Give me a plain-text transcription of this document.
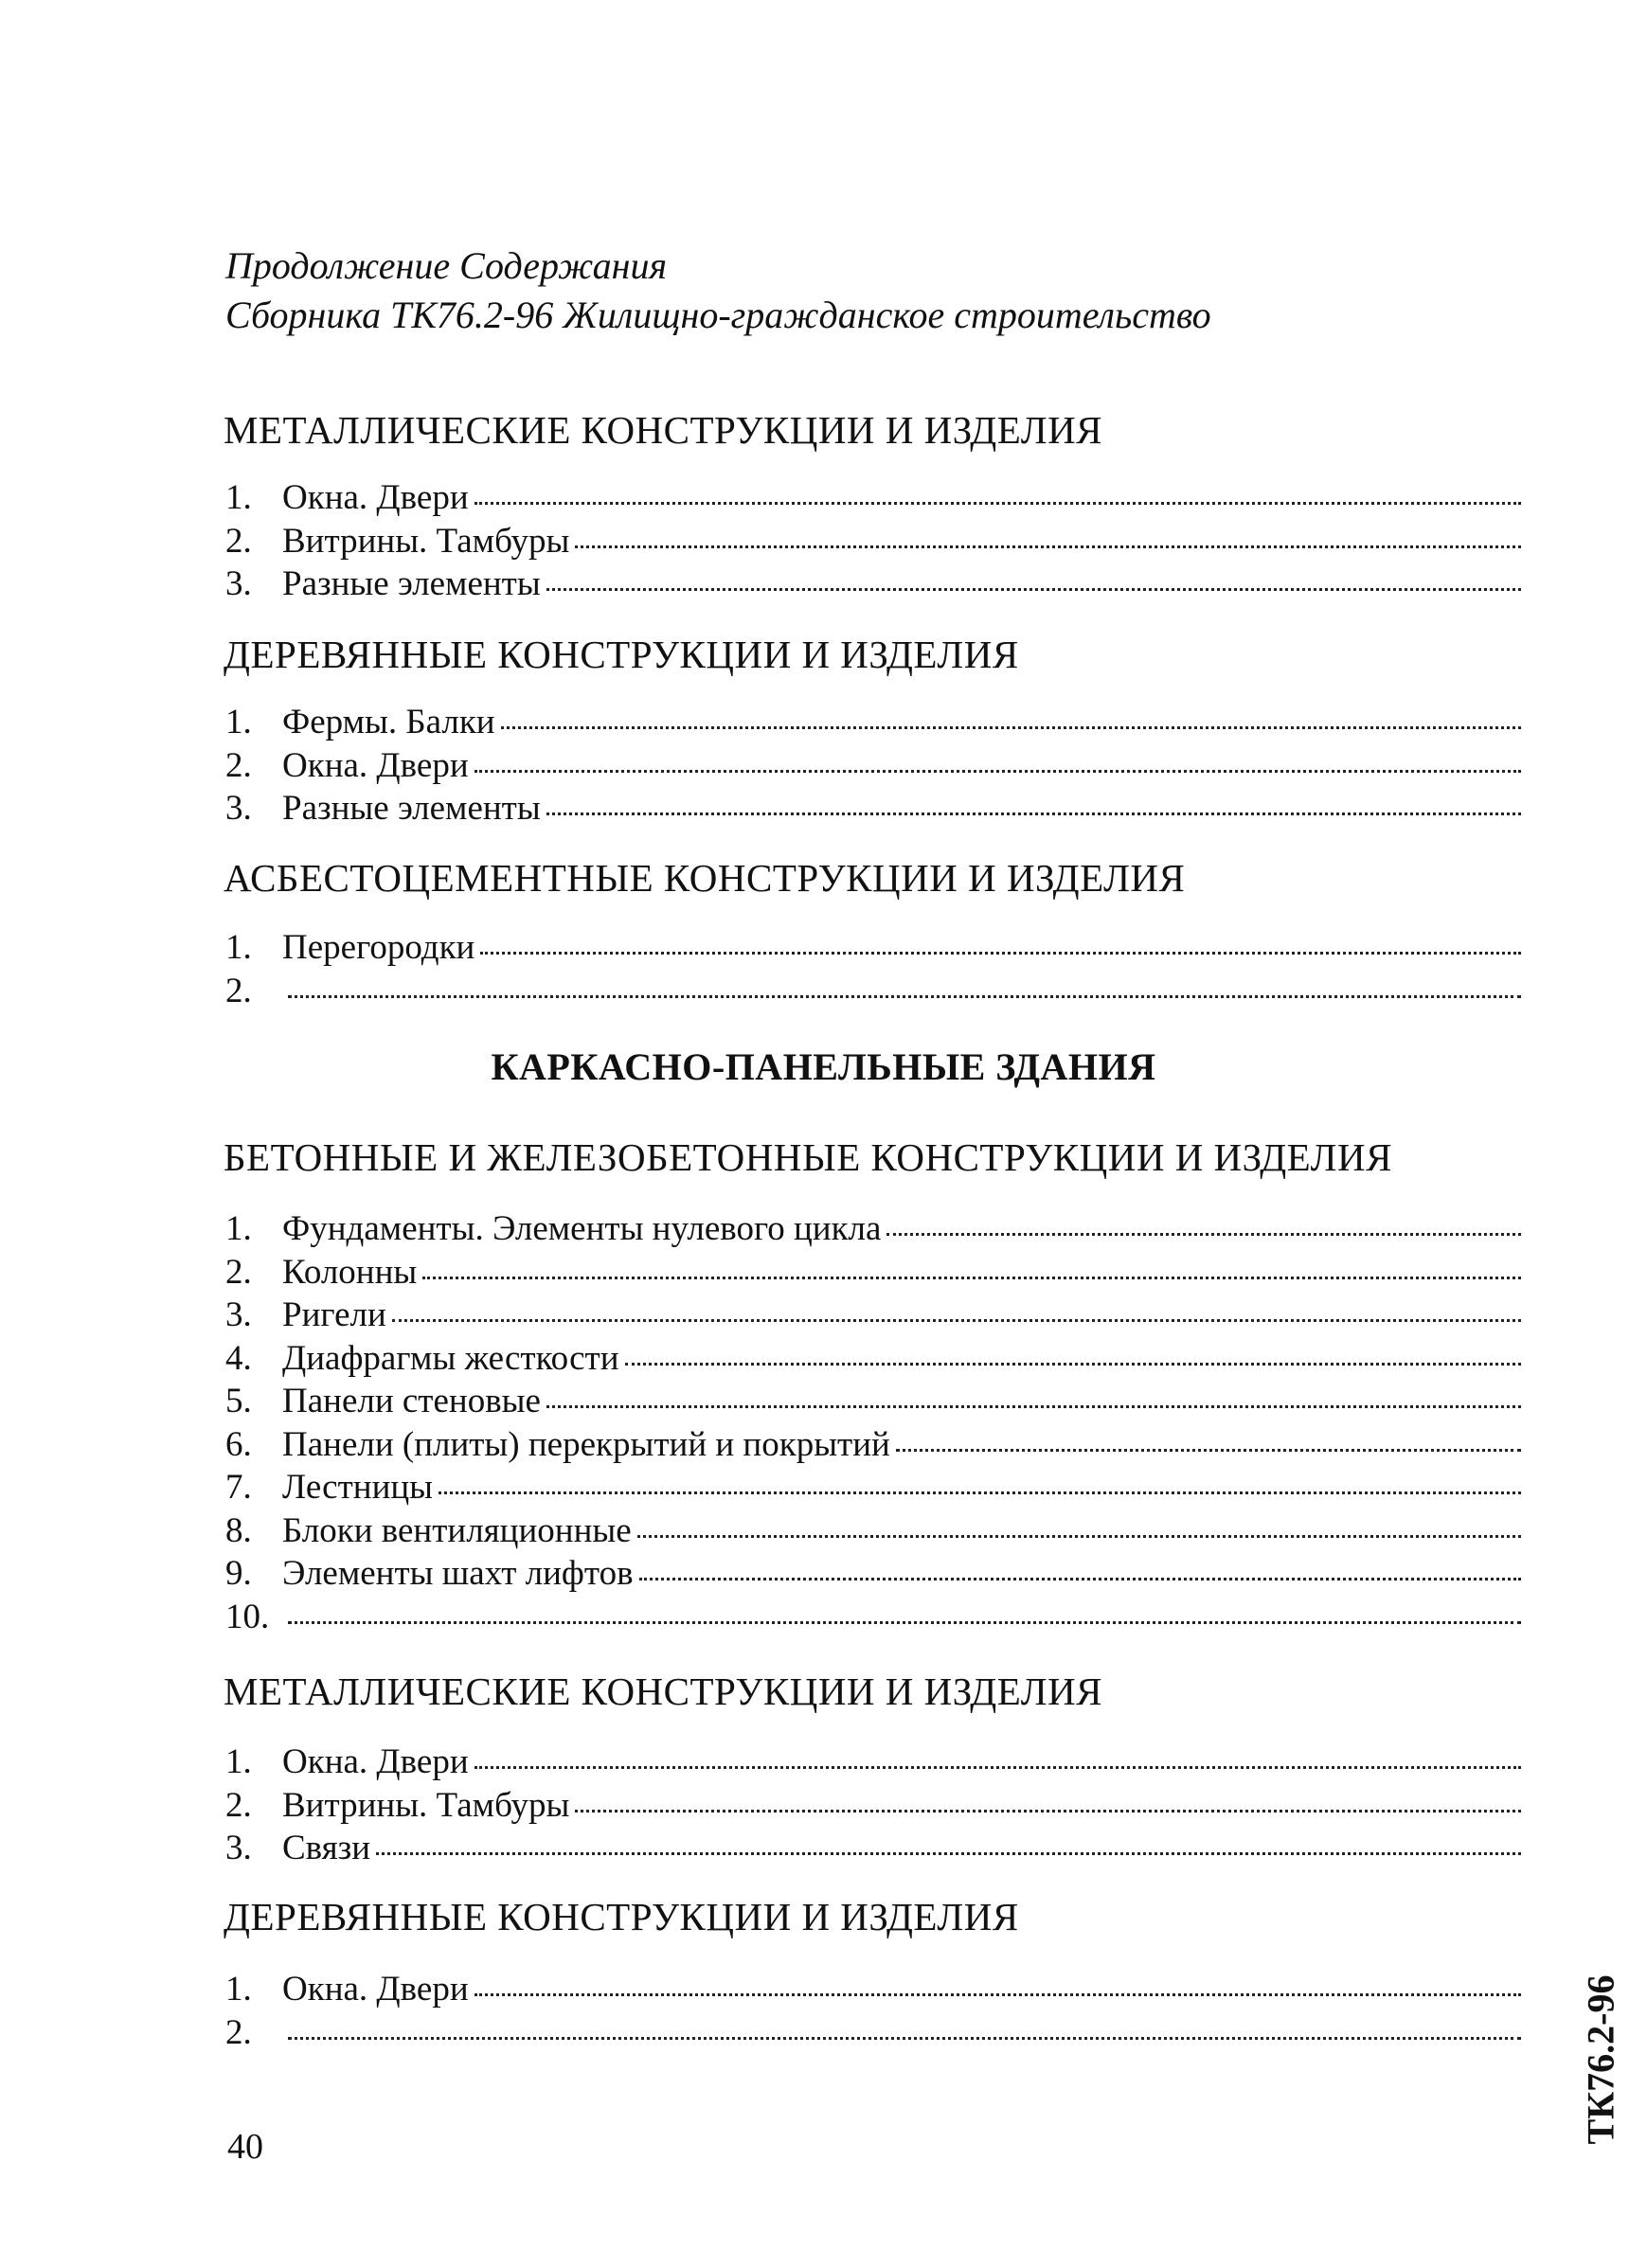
Продолжение Содержания
Сборника ТК76.2-96 Жилищно-гражданское строительство
МЕТАЛЛИЧЕСКИЕ КОНСТРУКЦИИ И ИЗДЕЛИЯ
1. Окна. Двери
2. Витрины. Тамбуры
3. Разные элементы
ДЕРЕВЯННЫЕ КОНСТРУКЦИИ И ИЗДЕЛИЯ
1. Фермы. Балки
2. Окна. Двери
3. Разные элементы
АСБЕСТОЦЕМЕНТНЫЕ КОНСТРУКЦИИ И ИЗДЕЛИЯ
1. Перегородки
2.
КАРКАСНО-ПАНЕЛЬНЫЕ ЗДАНИЯ
БЕТОННЫЕ И ЖЕЛЕЗОБЕТОННЫЕ КОНСТРУКЦИИ И ИЗДЕЛИЯ
1. Фундаменты. Элементы нулевого цикла
2. Колонны
3. Ригели
4. Диафрагмы жесткости
5. Панели стеновые
6. Панели (плиты) перекрытий и покрытий
7. Лестницы
8. Блоки вентиляционные
9. Элементы шахт лифтов
10.
МЕТАЛЛИЧЕСКИЕ КОНСТРУКЦИИ И ИЗДЕЛИЯ
1. Окна. Двери
2. Витрины. Тамбуры
3. Связи
ДЕРЕВЯННЫЕ КОНСТРУКЦИИ И ИЗДЕЛИЯ
1. Окна. Двери
2.	ТК76.2-96
40
